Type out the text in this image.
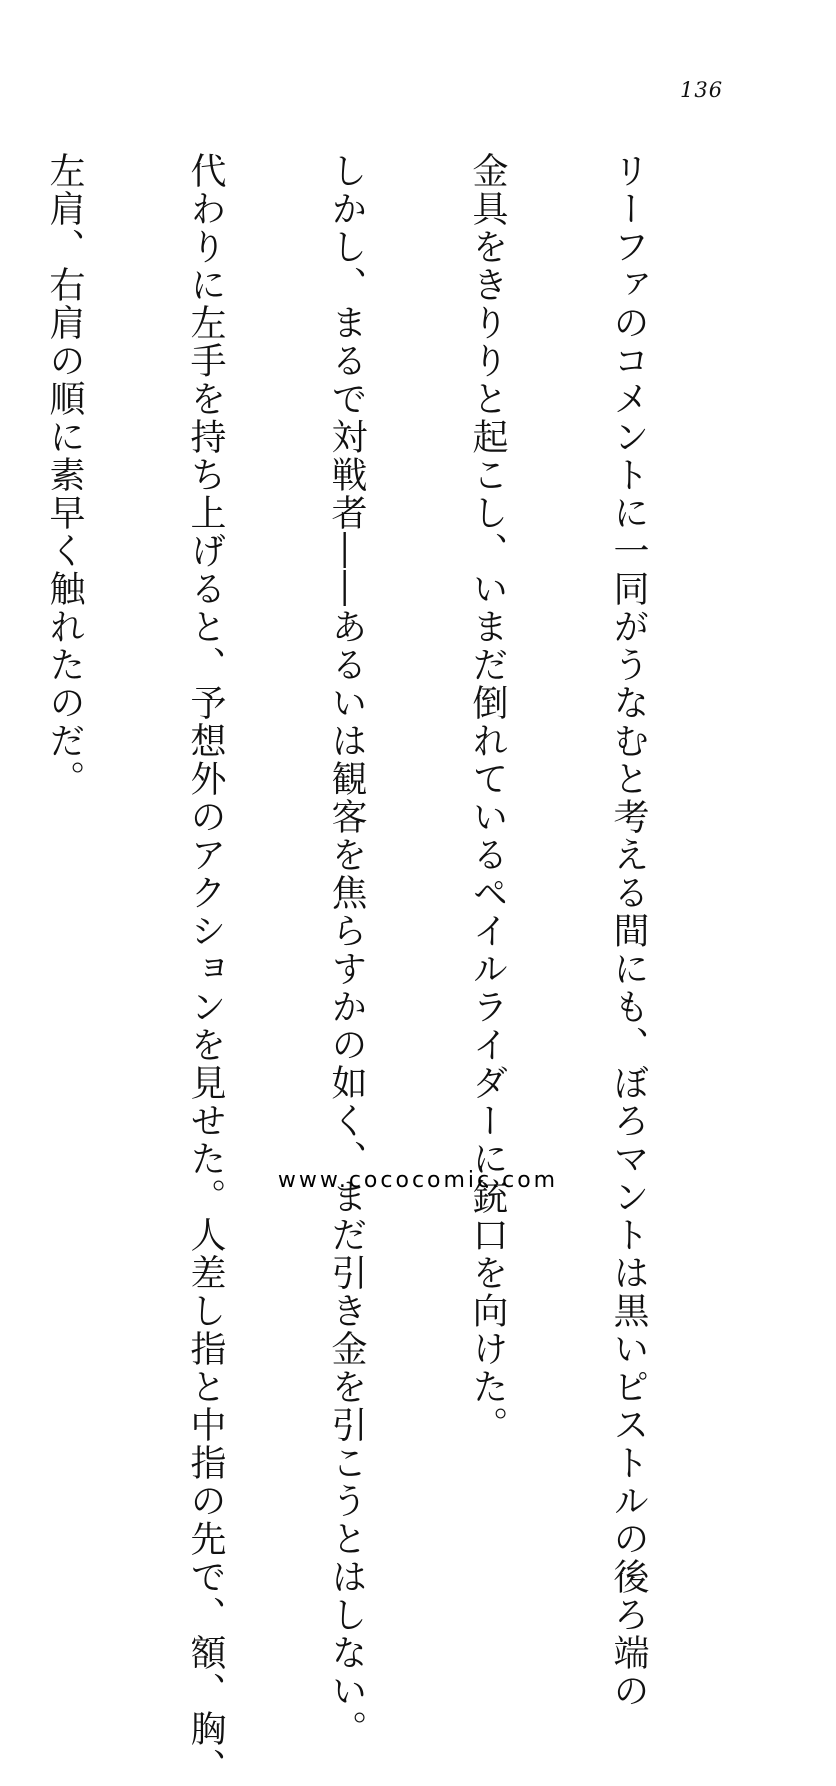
136

リーファのコメントに一同がうなむと考える間にも、ぼろマントは黒いピストルの後ろ端の

金具をきりりと起こし、いまだ倒れているペイルライダーに銃口を向けた。

しかし、まるで対戦者――あるいは観客を焦らすかの如く、まだ引き金を引こうとはしない。

代わりに左手を持ち上げると、予想外のアクションを見せた。人差し指と中指の先で、額、胸、

左肩、右肩の順に素早く触れたのだ。

www.cococomic.com
